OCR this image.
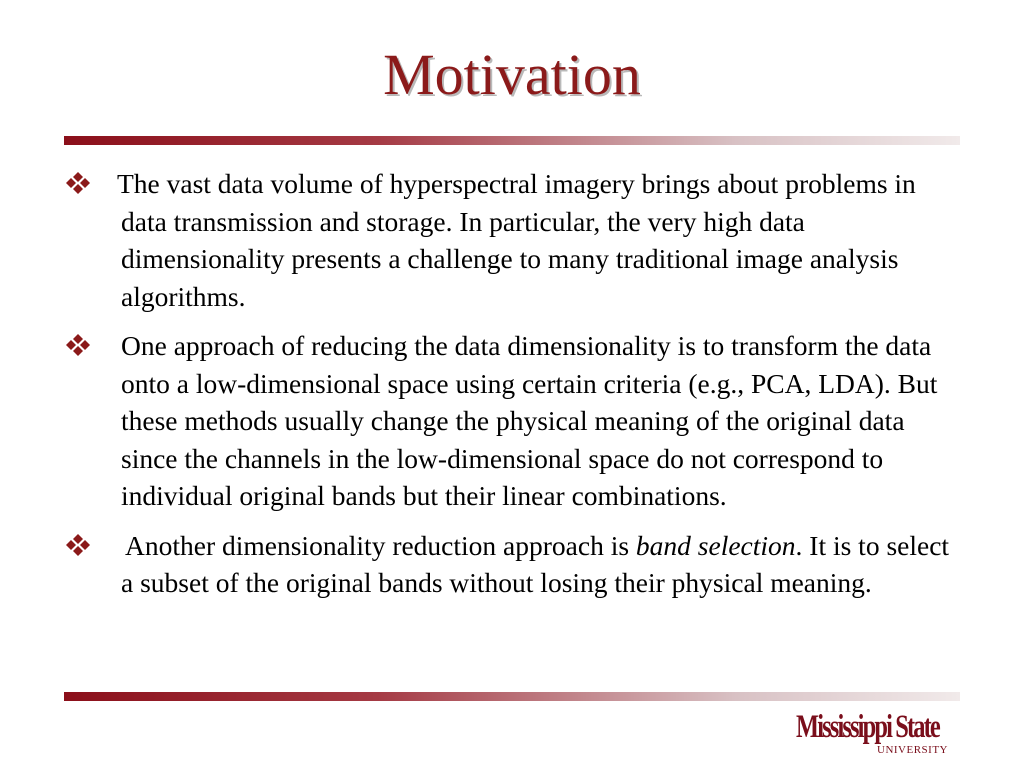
Motivation

The vast data volume of hyperspectral imagery brings about problems in data transmission and storage. In particular, the very high data dimensionality presents a challenge to many traditional image analysis algorithms.

One approach of reducing the data dimensionality is to transform the data onto a low-dimensional space using certain criteria (e.g., PCA, LDA). But these methods usually change the physical meaning of the original data since the channels in the low-dimensional space do not correspond to individual original bands but their linear combinations.

Another dimensionality reduction approach is band selection. It is to select a subset of the original bands without losing their physical meaning.

Mississippi State
UNIVERSITY
